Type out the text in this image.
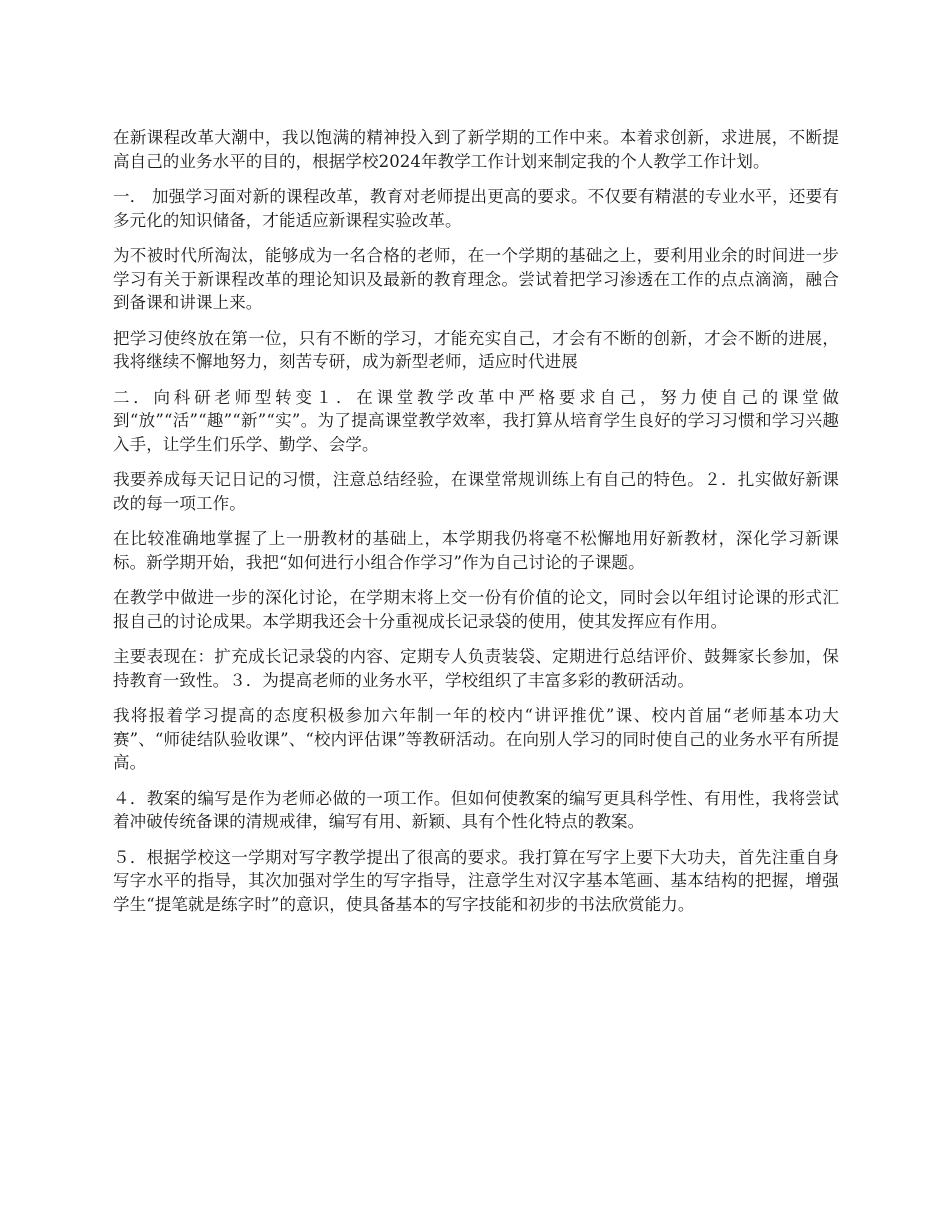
在新课程改革大潮中，我以饱满的精神投入到了新学期的工作中来。本着求创新，求进展，不断提高自己的业务水平的目的，根据学校2024年教学工作计划来制定我的个人教学工作计划。

一． 加强学习面对新的课程改革，教育对老师提出更高的要求。不仅要有精湛的专业水平，还要有多元化的知识储备，才能适应新课程实验改革。

为不被时代所淘汰，能够成为一名合格的老师，在一个学期的基础之上，要利用业余的时间进一步学习有关于新课程改革的理论知识及最新的教育理念。尝试着把学习渗透在工作的点点滴滴，融合到备课和讲课上来。

把学习使终放在第一位，只有不断的学习，才能充实自己，才会有不断的创新，才会不断的进展，我将继续不懈地努力，刻苦专研，成为新型老师，适应时代进展

二．向科研老师型转变１．在课堂教学改革中严格要求自己，努力使自己的课堂做到“放”“活”“趣”“新”“实”。为了提高课堂教学效率，我打算从培育学生良好的学习习惯和学习兴趣入手，让学生们乐学、勤学、会学。

我要养成每天记日记的习惯，注意总结经验，在课堂常规训练上有自己的特色。２．扎实做好新课改的每一项工作。

在比较准确地掌握了上一册教材的基础上，本学期我仍将毫不松懈地用好新教材，深化学习新课标。新学期开始，我把“如何进行小组合作学习”作为自己讨论的子课题。

在教学中做进一步的深化讨论，在学期末将上交一份有价值的论文，同时会以年组讨论课的形式汇报自己的讨论成果。本学期我还会十分重视成长记录袋的使用，使其发挥应有作用。

主要表现在：扩充成长记录袋的内容、定期专人负责装袋、定期进行总结评价、鼓舞家长参加，保持教育一致性。３．为提高老师的业务水平，学校组织了丰富多彩的教研活动。

我将报着学习提高的态度积极参加六年制一年的校内“讲评推优”课、校内首届“老师基本功大赛”、“师徒结队验收课”、“校内评估课”等教研活动。在向别人学习的同时使自己的业务水平有所提高。

４．教案的编写是作为老师必做的一项工作。但如何使教案的编写更具科学性、有用性，我将尝试着冲破传统备课的清规戒律，编写有用、新颖、具有个性化特点的教案。

５．根据学校这一学期对写字教学提出了很高的要求。我打算在写字上要下大功夫，首先注重自身写字水平的指导，其次加强对学生的写字指导，注意学生对汉字基本笔画、基本结构的把握，增强学生“提笔就是练字时”的意识，使具备基本的写字技能和初步的书法欣赏能力。
